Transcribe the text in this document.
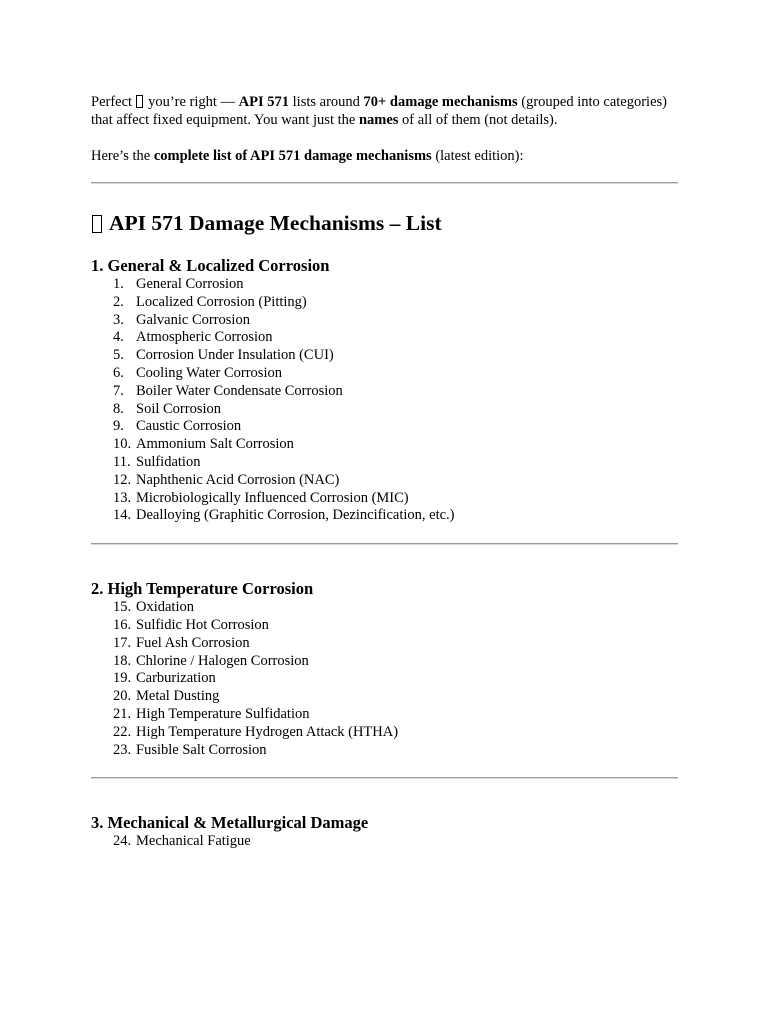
Perfect you’re right — API 571 lists around 70+ damage mechanisms (grouped into categories) that affect fixed equipment. You want just the names of all of them (not details).

Here’s the complete list of API 571 damage mechanisms (latest edition):

API 571 Damage Mechanisms – List
1. General & Localized Corrosion
1. General Corrosion
2. Localized Corrosion (Pitting)
3. Galvanic Corrosion
4. Atmospheric Corrosion
5. Corrosion Under Insulation (CUI)
6. Cooling Water Corrosion
7. Boiler Water Condensate Corrosion
8. Soil Corrosion
9. Caustic Corrosion
10. Ammonium Salt Corrosion
11. Sulfidation
12. Naphthenic Acid Corrosion (NAC)
13. Microbiologically Influenced Corrosion (MIC)
14. Dealloying (Graphitic Corrosion, Dezincification, etc.)
2. High Temperature Corrosion
15. Oxidation
16. Sulfidic Hot Corrosion
17. Fuel Ash Corrosion
18. Chlorine / Halogen Corrosion
19. Carburization
20. Metal Dusting
21. High Temperature Sulfidation
22. High Temperature Hydrogen Attack (HTHA)
23. Fusible Salt Corrosion
3. Mechanical & Metallurgical Damage
24. Mechanical Fatigue
